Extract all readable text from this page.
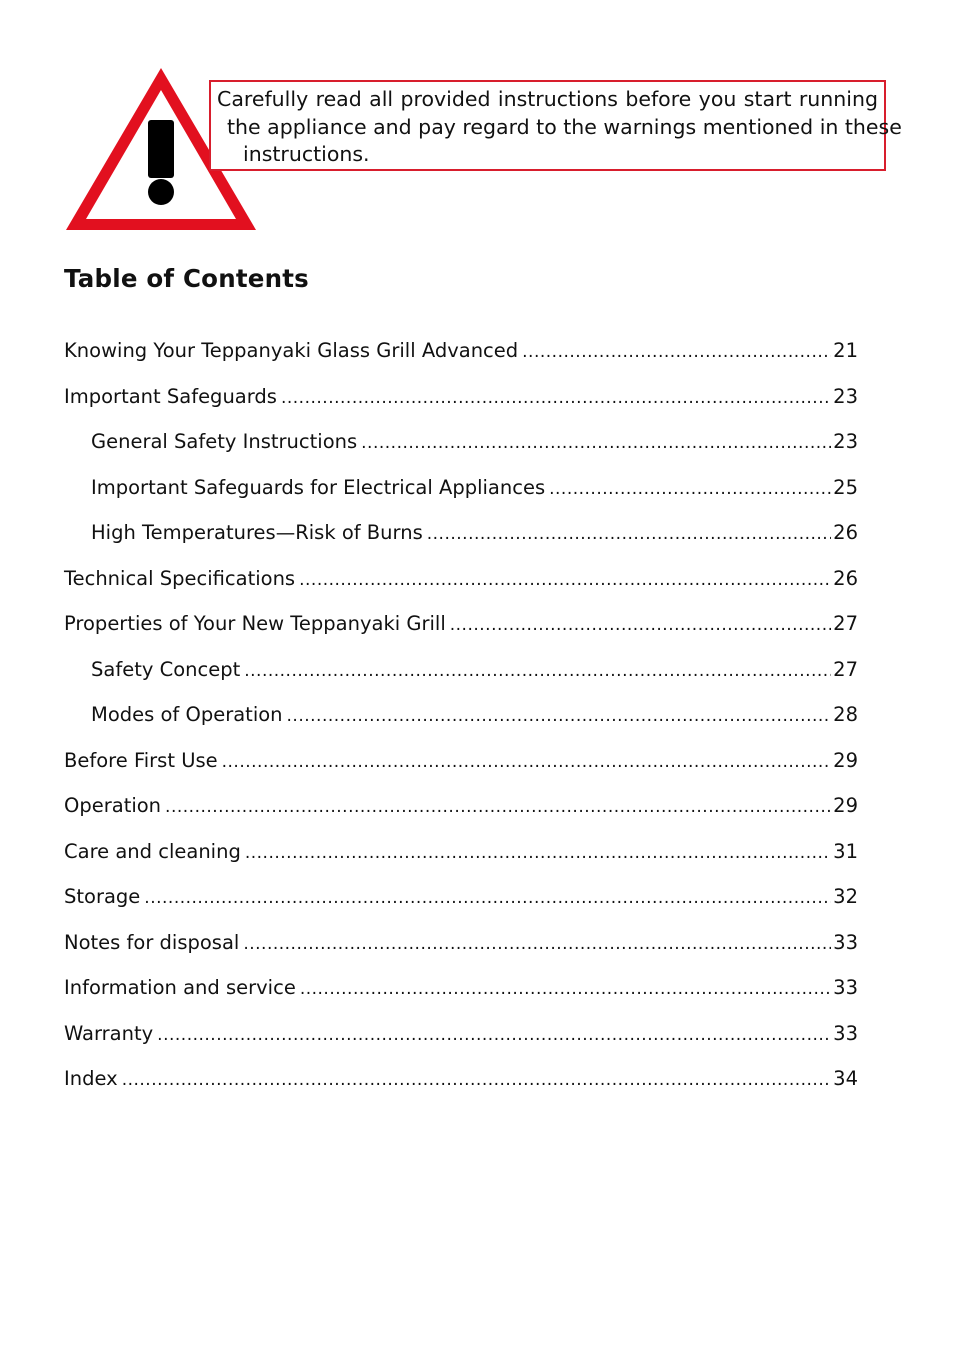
Carefully read all provided instructions before you start running
the appliance and pay regard to the warnings mentioned in these
instructions.
Table of Contents
Knowing Your Teppanyaki Glass Grill Advanced .....	21
Important Safeguards .....	23
General Safety Instructions .....	23
Important Safeguards for Electrical Appliances .....	25
High Temperatures—Risk of Burns .....	26
Technical Specifications .....	26
Properties of Your New Teppanyaki Grill .....	27
Safety Concept .....	27
Modes of Operation .....	28
Before First Use .....	29
Operation .....	29
Care and cleaning .....	31
Storage .....	32
Notes for disposal .....	33
Information and service .....	33
Warranty .....	33
Index .....	34
